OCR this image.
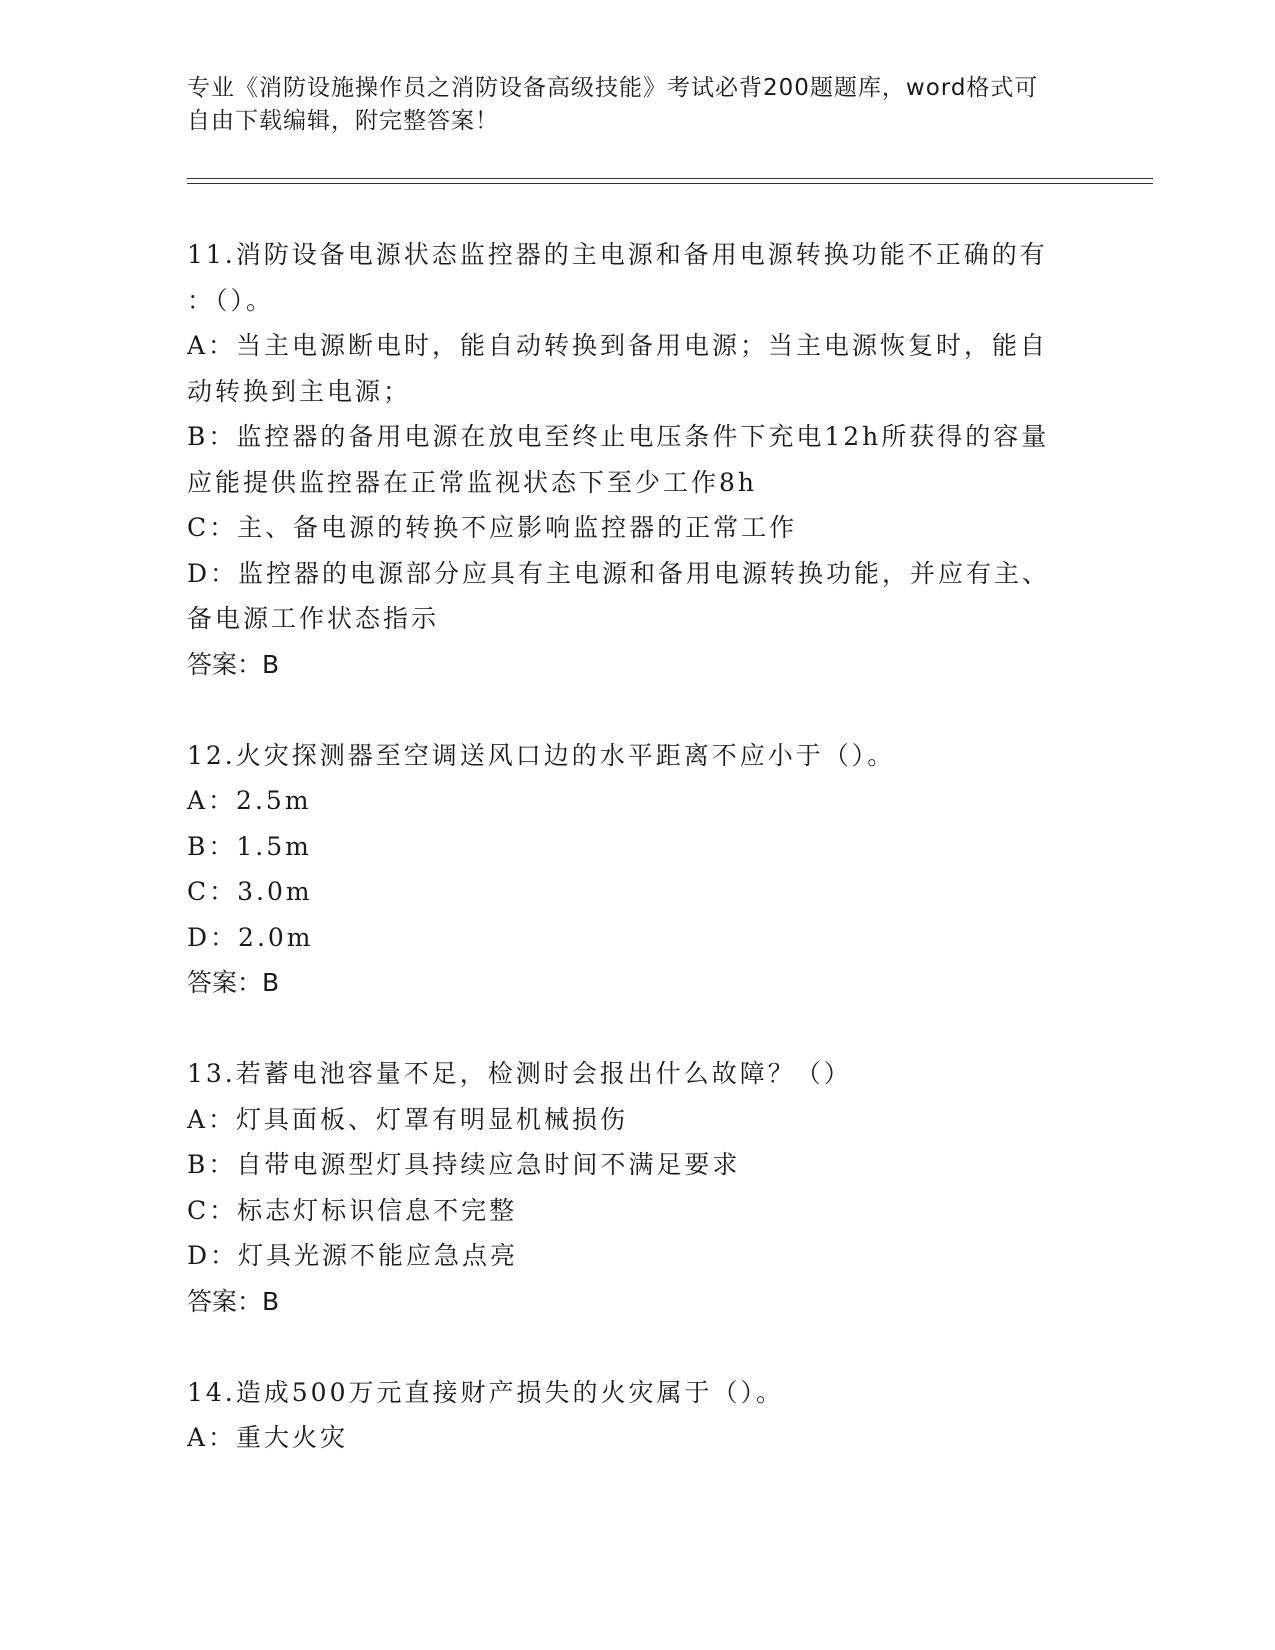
专业《消防设施操作员之消防设备高级技能》考试必背200题题库，word格式可
自由下载编辑，附完整答案！
11.消防设备电源状态监控器的主电源和备用电源转换功能不正确的有
：（）。
A：当主电源断电时，能自动转换到备用电源；当主电源恢复时，能自
动转换到主电源；
B：监控器的备用电源在放电至终止电压条件下充电12h所获得的容量
应能提供监控器在正常监视状态下至少工作8h
C：主、备电源的转换不应影响监控器的正常工作
D：监控器的电源部分应具有主电源和备用电源转换功能，并应有主、
备电源工作状态指示
答案：B
12.火灾探测器至空调送风口边的水平距离不应小于（）。
A：2.5m
B：1.5m
C：3.0m
D：2.0m
答案：B
13.若蓄电池容量不足，检测时会报出什么故障？（）
A：灯具面板、灯罩有明显机械损伤
B：自带电源型灯具持续应急时间不满足要求
C：标志灯标识信息不完整
D：灯具光源不能应急点亮
答案：B
14.造成500万元直接财产损失的火灾属于（）。
A：重大火灾
